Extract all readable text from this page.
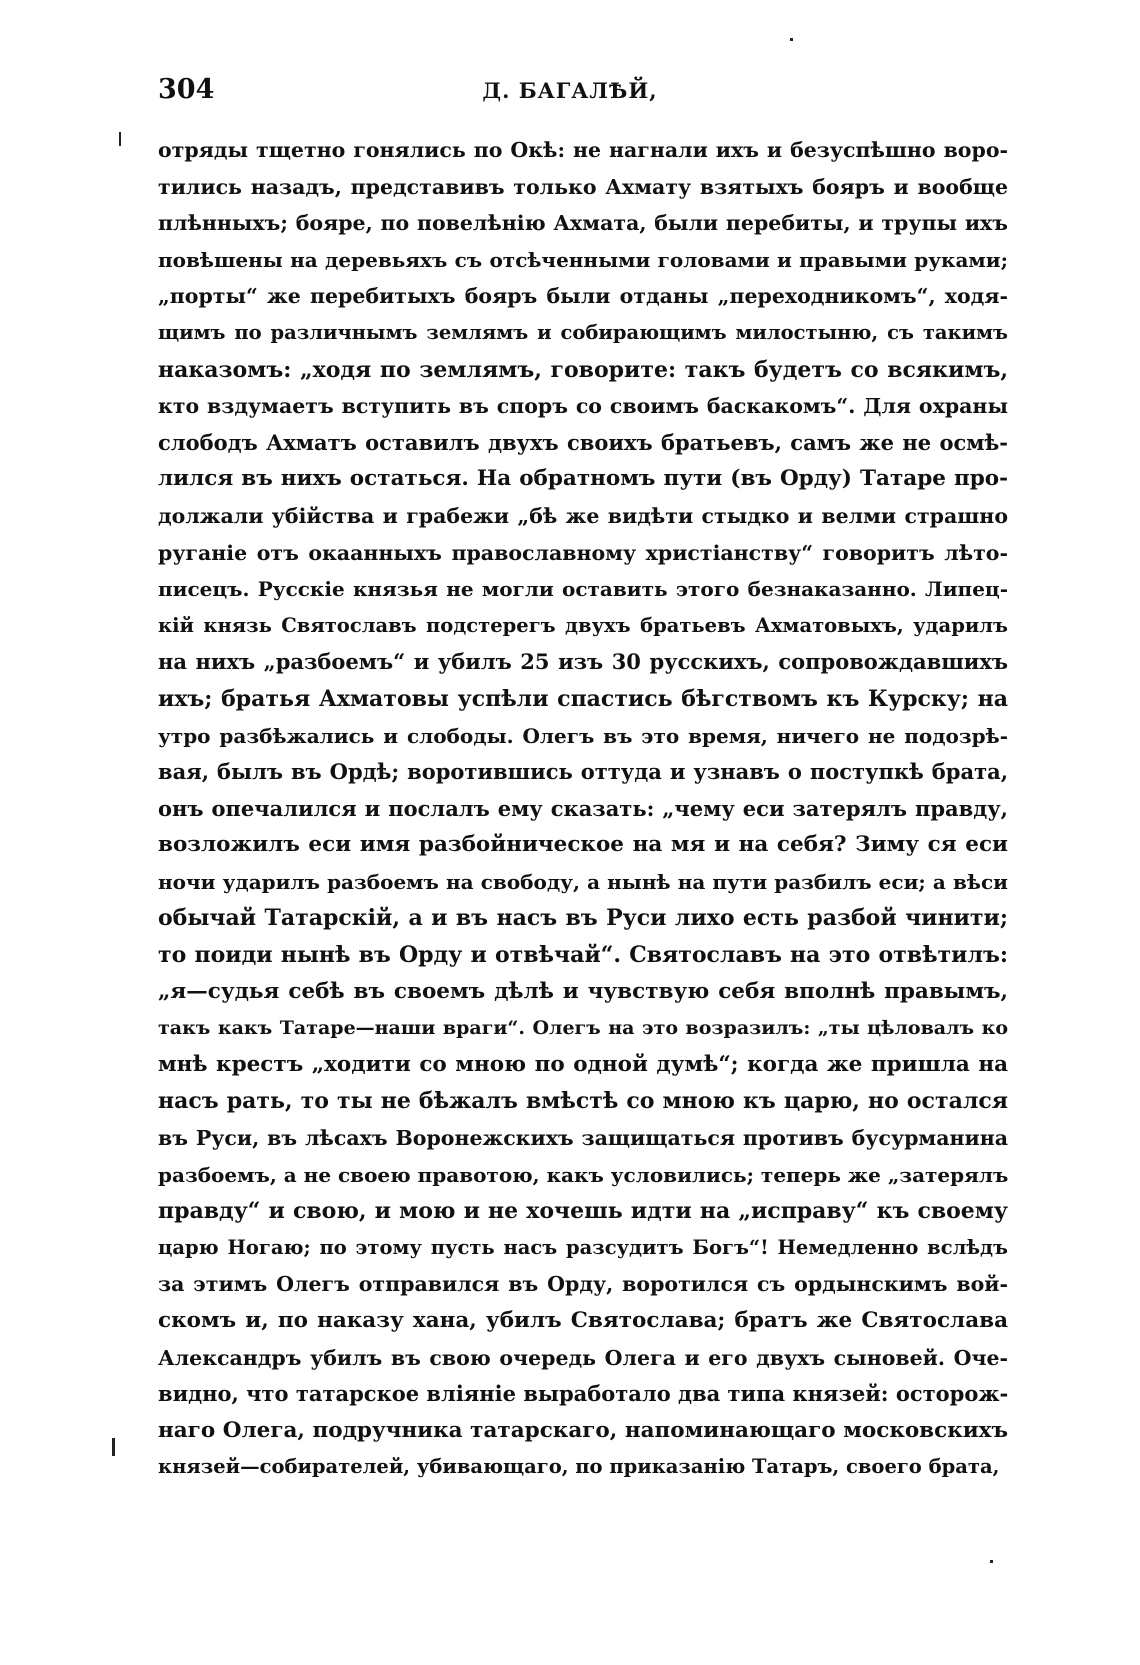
304	Д. БАГАЛѢЙ,
отряды тщетно гонялись по Окѣ: не нагнали ихъ и безуспѣшно воро-
тились назадъ, представивъ только Ахмату взятыхъ бояръ и вообще
плѣнныхъ; бояре, по повелѣнію Ахмата, были перебиты, и трупы ихъ
повѣшены на деревьяхъ съ отсѣченными головами и правыми руками;
„порты“ же перебитыхъ бояръ были отданы „переходникомъ“, ходя-
щимъ по различнымъ землямъ и собирающимъ милостыню, съ такимъ
наказомъ: „ходя по землямъ, говорите: такъ будетъ со всякимъ,
кто вздумаетъ вступить въ споръ со своимъ баскакомъ“. Для охраны
слободъ Ахматъ оставилъ двухъ своихъ братьевъ, самъ же не осмѣ-
лился въ нихъ остаться. На обратномъ пути (въ Орду) Татаре про-
должали убійства и грабежи „бѣ же видѣти стыдко и велми страшно
руганіе отъ окаанныхъ православному христіанству“ говоритъ лѣто-
писецъ. Русскіе князья не могли оставить этого безнаказанно. Липец-
кій князь Святославъ подстерегъ двухъ братьевъ Ахматовыхъ, ударилъ
на нихъ „разбоемъ“ и убилъ 25 изъ 30 русскихъ, сопровождавшихъ
ихъ; братья Ахматовы успѣли спастись бѣгствомъ къ Курску; на
утро разбѣжались и слободы. Олегъ въ это время, ничего не подозрѣ-
вая, былъ въ Ордѣ; воротившись оттуда и узнавъ о поступкѣ брата,
онъ опечалился и послалъ ему сказать: „чему еси затерялъ правду,
возложилъ еси имя разбойническое на мя и на себя? Зиму ся еси
ночи ударилъ разбоемъ на свободу, а нынѣ на пути разбилъ еси; а вѣси
обычай Татарскій, а и въ насъ въ Руси лихо есть разбой чинити;
то поиди нынѣ въ Орду и отвѣчай“. Святославъ на это отвѣтилъ:
„я—судья себѣ въ своемъ дѣлѣ и чувствую себя вполнѣ правымъ,
такъ какъ Татаре—наши враги“. Олегъ на это возразилъ: „ты цѣловалъ ко
мнѣ крестъ „ходити со мною по одной думѣ“; когда же пришла на
насъ рать, то ты не бѣжалъ вмѣстѣ со мною къ царю, но остался
въ Руси, въ лѣсахъ Воронежскихъ защищаться противъ бусурманина
разбоемъ, а не своею правотою, какъ условились; теперь же „затерялъ
правду“ и свою, и мою и не хочешь идти на „исправу“ къ своему
царю Ногаю; по этому пусть насъ разсудитъ Богъ“! Немедленно вслѣдъ
за этимъ Олегъ отправился въ Орду, воротился съ ордынскимъ вой-
скомъ и, по наказу хана, убилъ Святослава; братъ же Святослава
Александръ убилъ въ свою очередь Олега и его двухъ сыновей. Оче-
видно, что татарское вліяніе выработало два типа князей: осторож-
наго Олега, подручника татарскаго, напоминающаго московскихъ
князей—собирателей, убивающаго, по приказанію Татаръ, своего брата,
